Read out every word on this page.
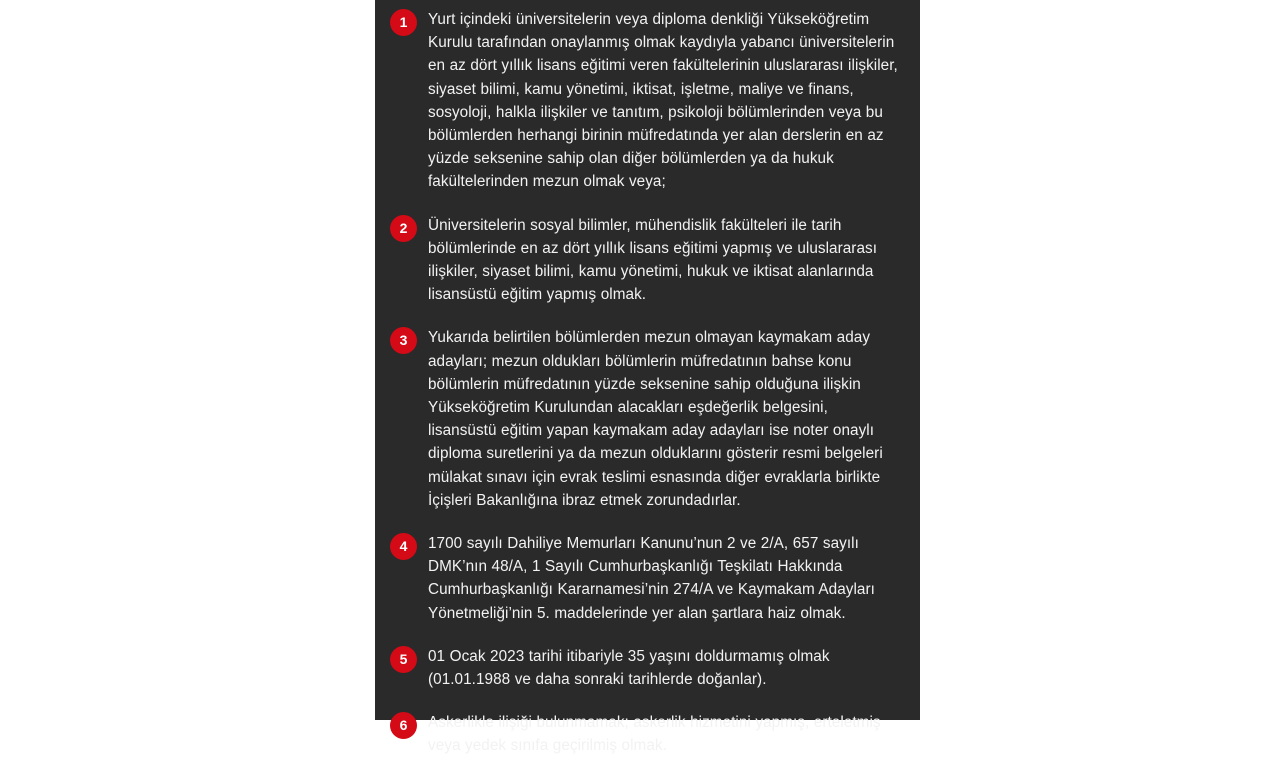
1	Yurt içindeki üniversitelerin veya diploma denkliği Yükseköğretim Kurulu tarafından onaylanmış olmak kaydıyla yabancı üniversitelerin en az dört yıllık lisans eğitimi veren fakültelerinin uluslararası ilişkiler, siyaset bilimi, kamu yönetimi, iktisat, işletme, maliye ve finans, sosyoloji, halkla ilişkiler ve tanıtım, psikoloji bölümlerinden veya bu bölümlerden herhangi birinin müfredatında yer alan derslerin en az yüzde seksenine sahip olan diğer bölümlerden ya da hukuk fakültelerinden mezun olmak veya;
2	Üniversitelerin sosyal bilimler, mühendislik fakülteleri ile tarih bölümlerinde en az dört yıllık lisans eğitimi yapmış ve uluslararası ilişkiler, siyaset bilimi, kamu yönetimi, hukuk ve iktisat alanlarında lisansüstü eğitim yapmış olmak.
3	Yukarıda belirtilen bölümlerden mezun olmayan kaymakam aday adayları; mezun oldukları bölümlerin müfredatının bahse konu bölümlerin müfredatının yüzde seksenine sahip olduğuna ilişkin Yükseköğretim Kurulundan alacakları eşdeğerlik belgesini, lisansüstü eğitim yapan kaymakam aday adayları ise noter onaylı diploma suretlerini ya da mezun olduklarını gösterir resmi belgeleri mülakat sınavı için evrak teslimi esnasında diğer evraklarla birlikte İçişleri Bakanlığına ibraz etmek zorundadırlar.
4	1700 sayılı Dahiliye Memurları Kanunu’nun 2 ve 2/A, 657 sayılı DMK’nın 48/A, 1 Sayılı Cumhurbaşkanlığı Teşkilatı Hakkında Cumhurbaşkanlığı Kararnamesi’nin 274/A ve Kaymakam Adayları Yönetmeliği’nin 5. maddelerinde yer alan şartlara haiz olmak.
5	01 Ocak 2023 tarihi itibariyle 35 yaşını doldurmamış olmak (01.01.1988 ve daha sonraki tarihlerde doğanlar).
6	Askerlikle ilişiği bulunmamak; askerlik hizmetini yapmış, erteletmiş veya yedek sınıfa geçirilmiş olmak.
